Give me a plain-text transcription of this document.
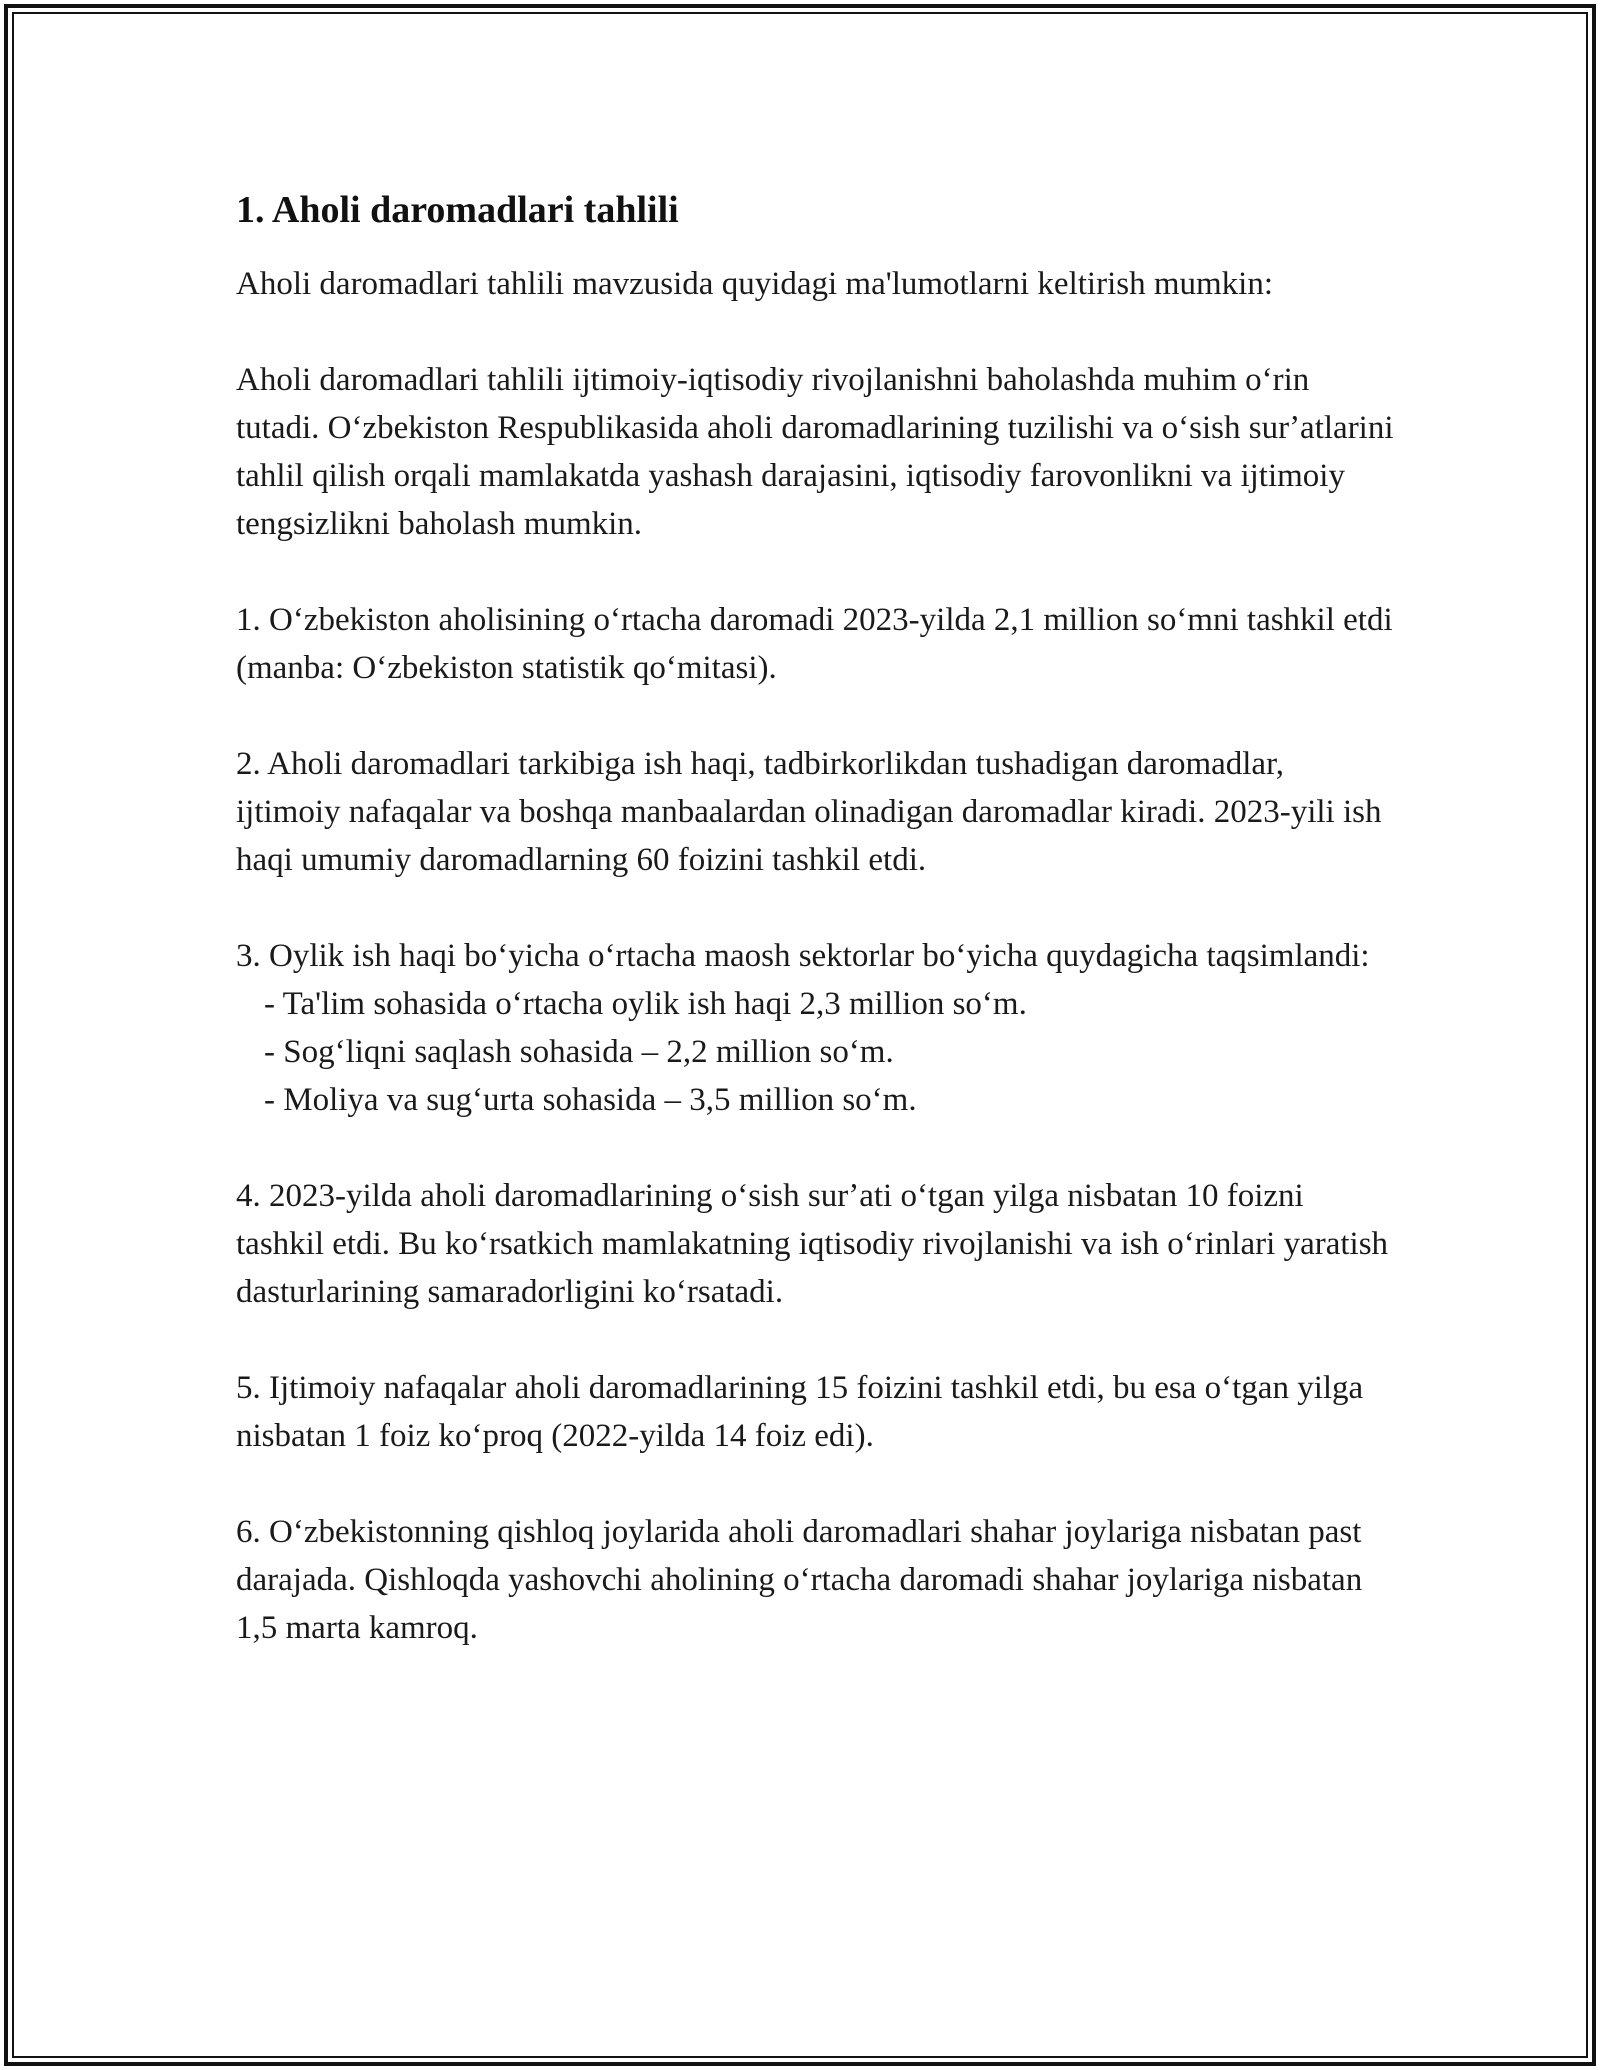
1. Aholi daromadlari tahlili

Aholi daromadlari tahlili mavzusida quyidagi ma'lumotlarni keltirish mumkin:

Aholi daromadlari tahlili ijtimoiy-iqtisodiy rivojlanishni baholashda muhim oʻrin tutadi. Oʻzbekiston Respublikasida aholi daromadlarining tuzilishi va oʻsish surʼatlarini tahlil qilish orqali mamlakatda yashash darajasini, iqtisodiy farovonlikni va ijtimoiy tengsizlikni baholash mumkin.

1. Oʻzbekiston aholisining oʻrtacha daromadi 2023-yilda 2,1 million soʻmni tashkil etdi (manba: Oʻzbekiston statistik qoʻmitasi).

2. Aholi daromadlari tarkibiga ish haqi, tadbirkorlikdan tushadigan daromadlar, ijtimoiy nafaqalar va boshqa manbaalardan olinadigan daromadlar kiradi. 2023-yili ish haqi umumiy daromadlarning 60 foizini tashkil etdi.

3. Oylik ish haqi boʻyicha oʻrtacha maosh sektorlar boʻyicha quydagicha taqsimlandi:

- Ta'lim sohasida oʻrtacha oylik ish haqi 2,3 million soʻm.
- Sogʻliqni saqlash sohasida – 2,2 million soʻm.
- Moliya va sugʻurta sohasida – 3,5 million soʻm.

4. 2023-yilda aholi daromadlarining oʻsish surʼati oʻtgan yilga nisbatan 10 foizni tashkil etdi. Bu koʻrsatkich mamlakatning iqtisodiy rivojlanishi va ish oʻrinlari yaratish dasturlarining samaradorligini koʻrsatadi.

5. Ijtimoiy nafaqalar aholi daromadlarining 15 foizini tashkil etdi, bu esa oʻtgan yilga nisbatan 1 foiz koʻproq (2022-yilda 14 foiz edi).

6. Oʻzbekistonning qishloq joylarida aholi daromadlari shahar joylariga nisbatan past darajada. Qishloqda yashovchi aholining oʻrtacha daromadi shahar joylariga nisbatan 1,5 marta kamroq.
